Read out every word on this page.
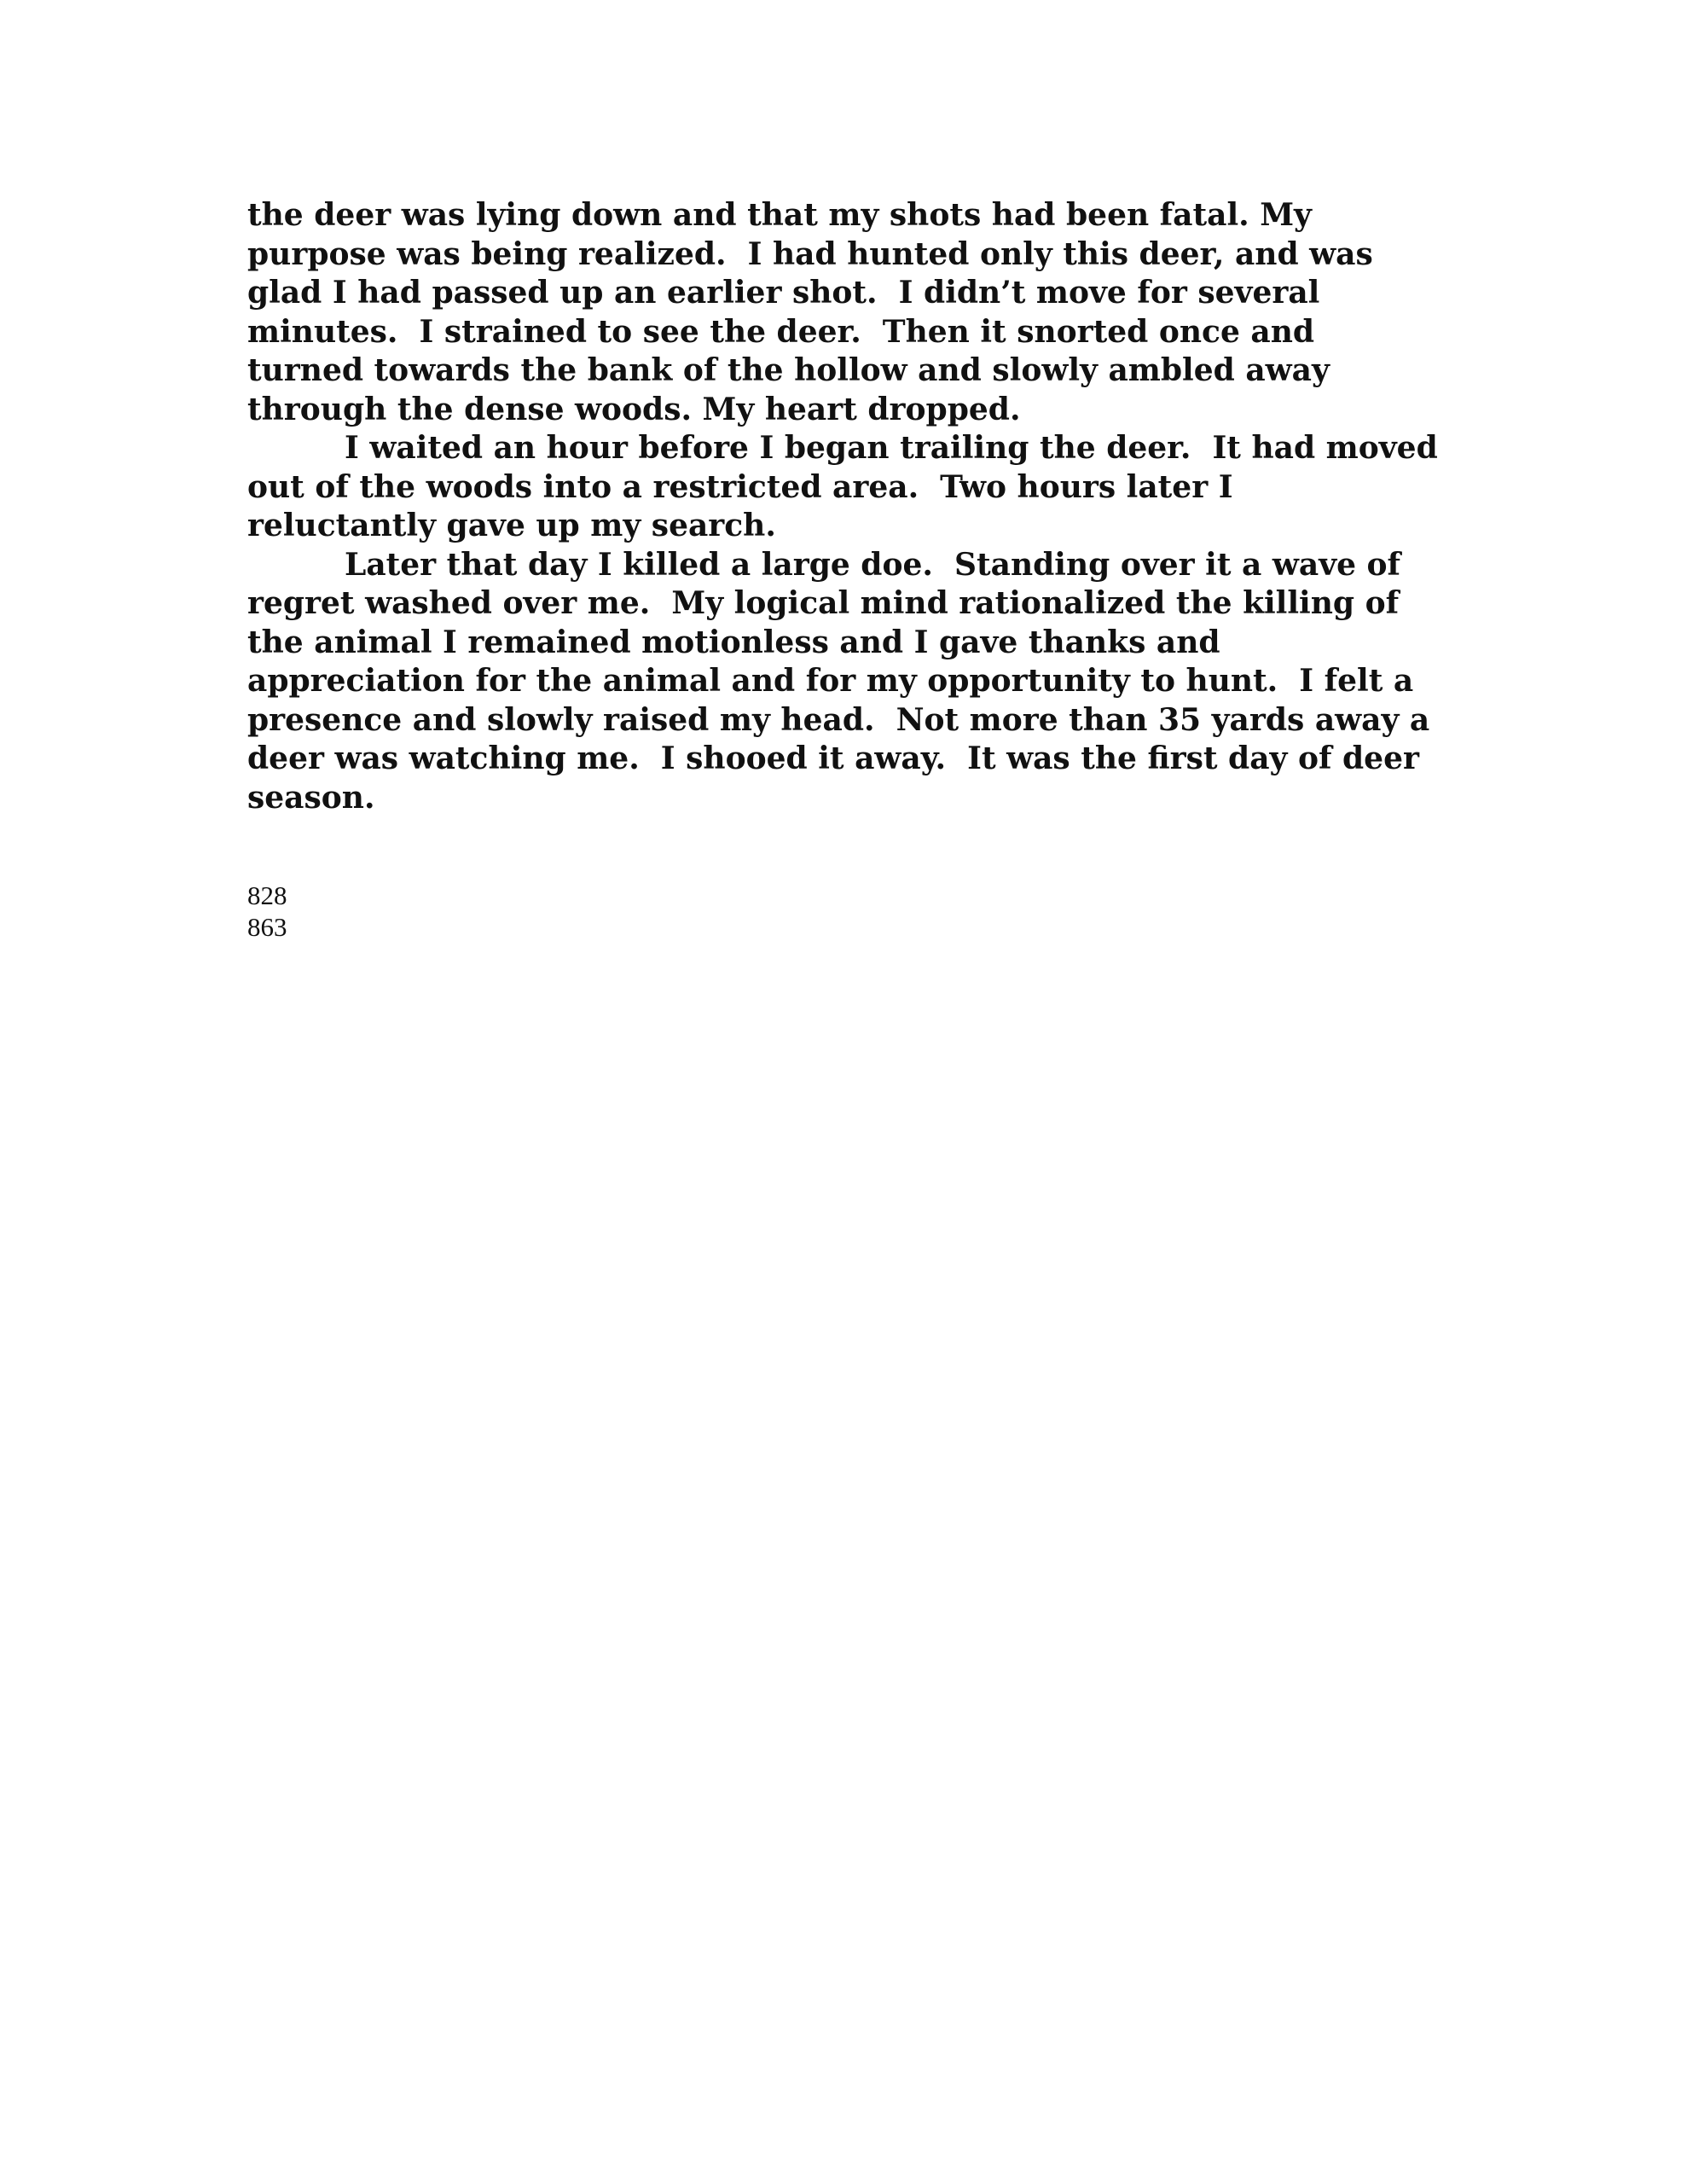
the deer was lying down and that my shots had been fatal. My
purpose was being realized.  I had hunted only this deer, and was
glad I had passed up an earlier shot.  I didn’t move for several
minutes.  I strained to see the deer.  Then it snorted once and
turned towards the bank of the hollow and slowly ambled away
through the dense woods. My heart dropped.
I waited an hour before I began trailing the deer.  It had moved
out of the woods into a restricted area.  Two hours later I
reluctantly gave up my search.
Later that day I killed a large doe.  Standing over it a wave of
regret washed over me.  My logical mind rationalized the killing of
the animal I remained motionless and I gave thanks and
appreciation for the animal and for my opportunity to hunt.  I felt a
presence and slowly raised my head.  Not more than 35 yards away a
deer was watching me.  I shooed it away.  It was the first day of deer
season.
828
863
